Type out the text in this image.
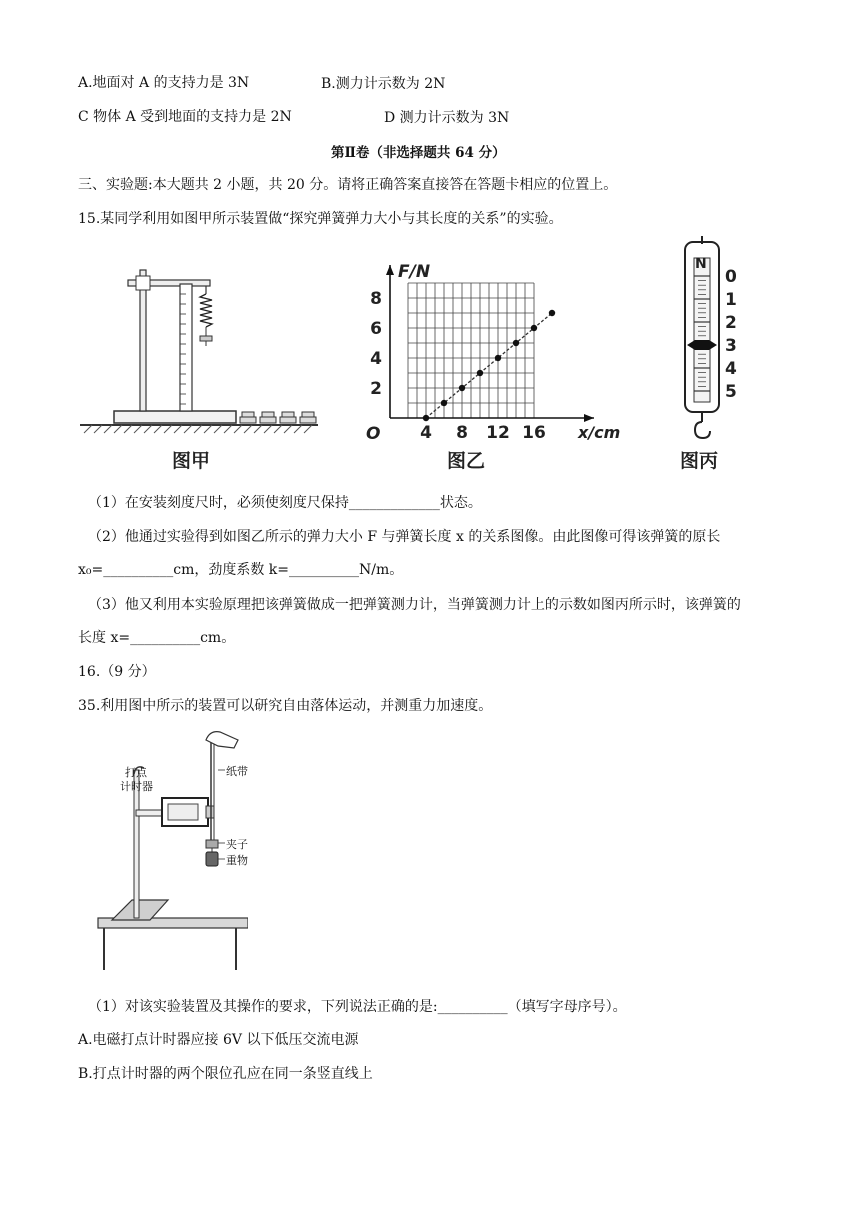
A.地面对 A 的支持力是 3N	B.测力计示数为 2N
C 物体 A 受到地面的支持力是 2N	D 测力计示数为 3N
第Ⅱ卷（非选择题共 64 分）
三、实验题:本大题共 2 小题，共 20 分。请将正确答案直接答在答题卡相应的位置上。
15.某同学利用如图甲所示装置做“探究弹簧弹力大小与其长度的关系”的实验。
图甲
4 8 12 16
2
4
6
8
O	x/cm
F/N
图乙
0
1
2
3
4
5
N
图丙
（1）在安装刻度尺时，必须使刻度尺保持_____________状态。
（2）他通过实验得到如图乙所示的弹力大小 F 与弹簧长度 x 的关系图像。由此图像可得该弹簧的原长
x₀=__________cm，劲度系数 k=__________N/m。
（3）他又利用本实验原理把该弹簧做成一把弹簧测力计，当弹簧测力计上的示数如图丙所示时，该弹簧的
长度 x=__________cm。
16.（9 分）
35.利用图中所示的装置可以研究自由落体运动，并测重力加速度。
打点
计时器
纸带
夹子
重物
（1）对该实验装置及其操作的要求，下列说法正确的是:__________（填写字母序号）。
A.电磁打点计时器应接 6V 以下低压交流电源
B.打点计时器的两个限位孔应在同一条竖直线上
